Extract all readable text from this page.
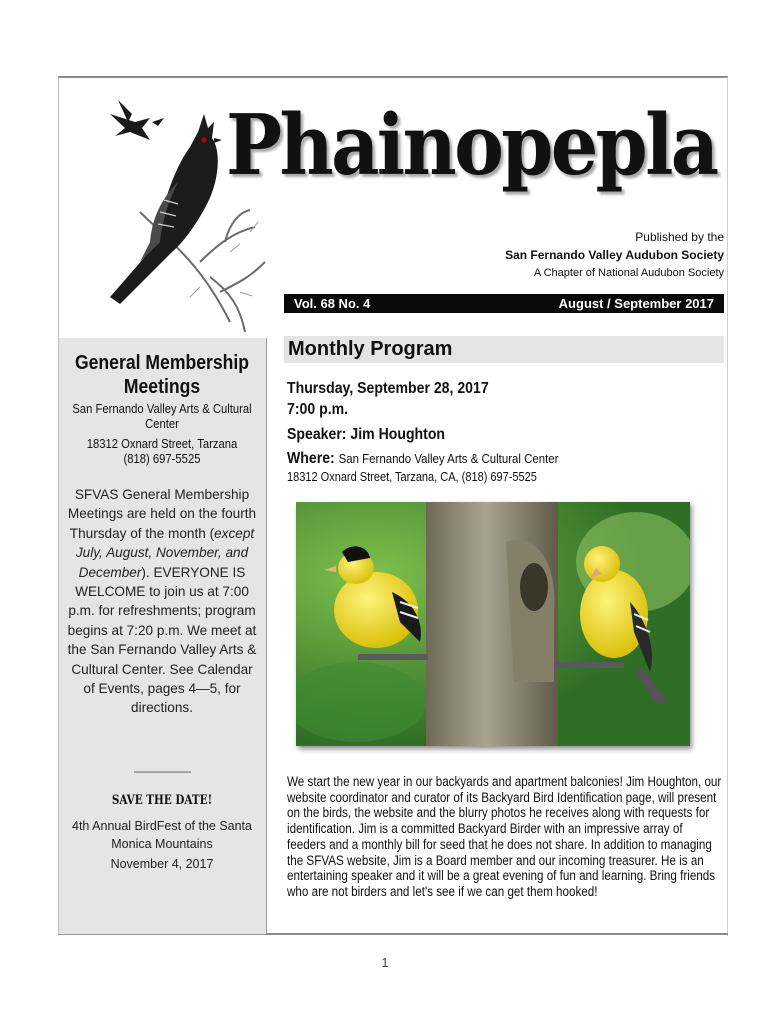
Phainopepla
Published by the
San Fernando Valley Audubon Society
A Chapter of National Audubon Society
Vol. 68 No. 4	August / September 2017
General Membership Meetings
San Fernando Valley Arts & Cultural Center
18312 Oxnard Street, Tarzana
(818) 697-5525
SFVAS General Membership Meetings are held on the fourth Thursday of the month (except July, August, November, and December). EVERYONE IS WELCOME to join us at 7:00 p.m. for refreshments; program begins at 7:20 p.m. We meet at the San Fernando Valley Arts & Cultural Center. See Calendar of Events, pages 4—5, for directions.
-------------------
SAVE THE DATE!
4th Annual BirdFest of the Santa Monica Mountains
November 4, 2017
Monthly Program
Thursday, September 28, 2017
7:00 p.m.
Speaker: Jim Houghton
Where: San Fernando Valley Arts & Cultural Center
18312 Oxnard Street, Tarzana, CA, (818) 697-5525
We start the new year in our backyards and apartment balconies! Jim Houghton, our website coordinator and curator of its Backyard Bird Identification page, will present on the birds, the website and the blurry photos he receives along with requests for identification. Jim is a committed Backyard Birder with an impressive array of feeders and a monthly bill for seed that he does not share. In addition to managing the SFVAS website, Jim is a Board member and our incoming treasurer. He is an entertaining speaker and it will be a great evening of fun and learning. Bring friends who are not birders and let's see if we can get them hooked!
1
